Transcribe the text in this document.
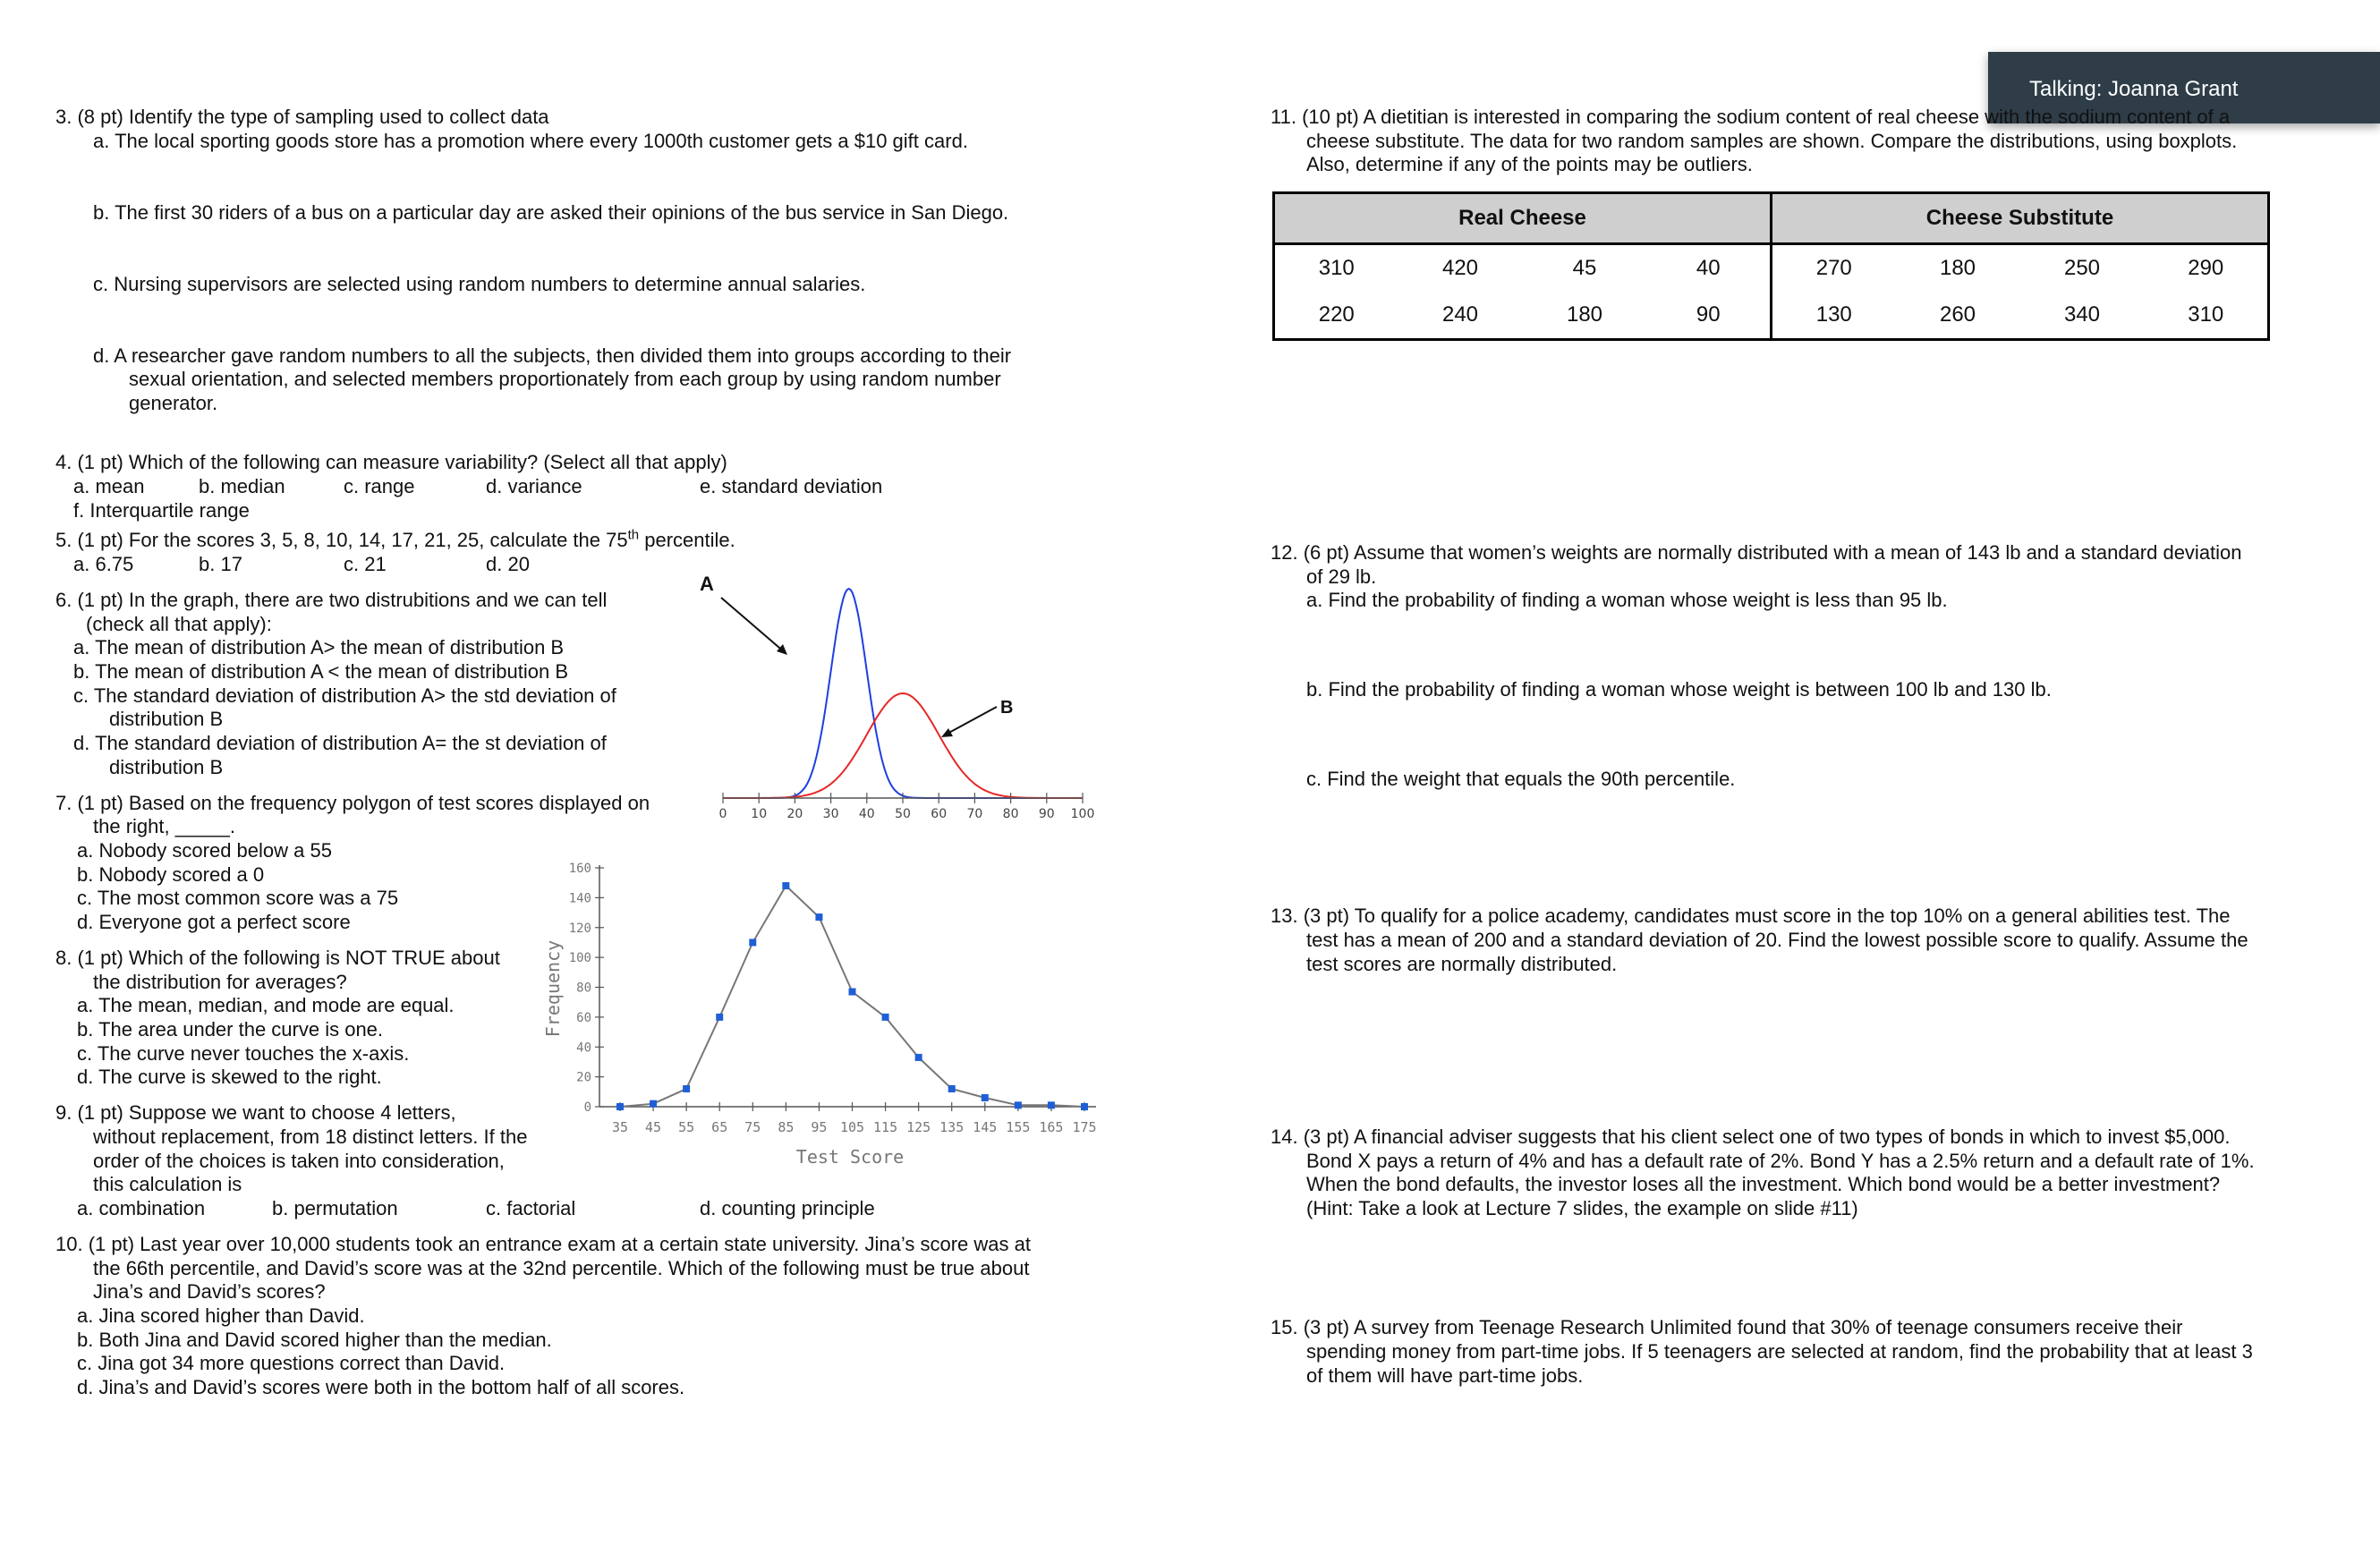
Talking: Joanna Grant
3. (8 pt) Identify the type of sampling used to collect data
a. The local sporting goods store has a promotion where every 1000th customer gets a $10 gift card.
b. The first 30 riders of a bus on a particular day are asked their opinions of the bus service in San Diego.
c. Nursing supervisors are selected using random numbers to determine annual salaries.
d. A researcher gave random numbers to all the subjects, then divided them into groups according to their
sexual orientation, and selected members proportionately from each group by using random number
generator.
4. (1 pt) Which of the following can measure variability? (Select all that apply)
a. mean	b. median	c. range	d. variance	e. standard deviation
f. Interquartile range
5. (1 pt) For the scores 3, 5, 8, 10, 14, 17, 21, 25, calculate the 75th percentile.
a. 6.75	b. 17	c. 21	d. 20
6. (1 pt) In the graph, there are two distrubitions and we can tell
(check all that apply):
a. The mean of distribution A> the mean of distribution B
b. The mean of distribution A < the mean of distribution B
c. The standard deviation of distribution A> the std deviation of
distribution B
d. The standard deviation of distribution A= the st deviation of
distribution B
7. (1 pt) Based on the frequency polygon of test scores displayed on
the right, _____.
a. Nobody scored below a 55
b. Nobody scored a 0
c. The most common score was a 75
d. Everyone got a perfect score
8. (1 pt) Which of the following is NOT TRUE about
the distribution for averages?
a. The mean, median, and mode are equal.
b. The area under the curve is one.
c. The curve never touches the x-axis.
d. The curve is skewed to the right.
9. (1 pt) Suppose we want to choose 4 letters,
without replacement, from 18 distinct letters. If the
order of the choices is taken into consideration,
this calculation is
a. combination	b. permutation	c. factorial	d. counting principle
10. (1 pt) Last year over 10,000 students took an entrance exam at a certain state university. Jina’s score was at
the 66th percentile, and David’s score was at the 32nd percentile. Which of the following must be true about
Jina’s and David’s scores?
a. Jina scored higher than David.
b. Both Jina and David scored higher than the median.
c. Jina got 34 more questions correct than David.
d. Jina’s and David’s scores were both in the bottom half of all scores.
0 10 20 30 40 50 60 70 80 90 100
A
B
0
20
40
60
80
100
120
140
160
35 45 55 65 75 85 95 105 115 125 135 145 155 165 175
Test Score
Frequency
11. (10 pt) A dietitian is interested in comparing the sodium content of real cheese with the sodium content of a
cheese substitute. The data for two random samples are shown. Compare the distributions, using boxplots.
Also, determine if any of the points may be outliers.
Real Cheese				Cheese Substitute			
310	420	45	40	270	180	250	290
220	240	180	90	130	260	340	310
12. (6 pt) Assume that women’s weights are normally distributed with a mean of 143 lb and a standard deviation
of 29 lb.
a. Find the probability of finding a woman whose weight is less than 95 lb.
b. Find the probability of finding a woman whose weight is between 100 lb and 130 lb.
c. Find the weight that equals the 90th percentile.
13. (3 pt) To qualify for a police academy, candidates must score in the top 10% on a general abilities test. The
test has a mean of 200 and a standard deviation of 20. Find the lowest possible score to qualify. Assume the
test scores are normally distributed.
14. (3 pt) A financial adviser suggests that his client select one of two types of bonds in which to invest $5,000.
Bond X pays a return of 4% and has a default rate of 2%. Bond Y has a 2.5% return and a default rate of 1%.
When the bond defaults, the investor loses all the investment. Which bond would be a better investment?
(Hint: Take a look at Lecture 7 slides, the example on slide #11)
15. (3 pt) A survey from Teenage Research Unlimited found that 30% of teenage consumers receive their
spending money from part-time jobs. If 5 teenagers are selected at random, find the probability that at least 3
of them will have part-time jobs.
